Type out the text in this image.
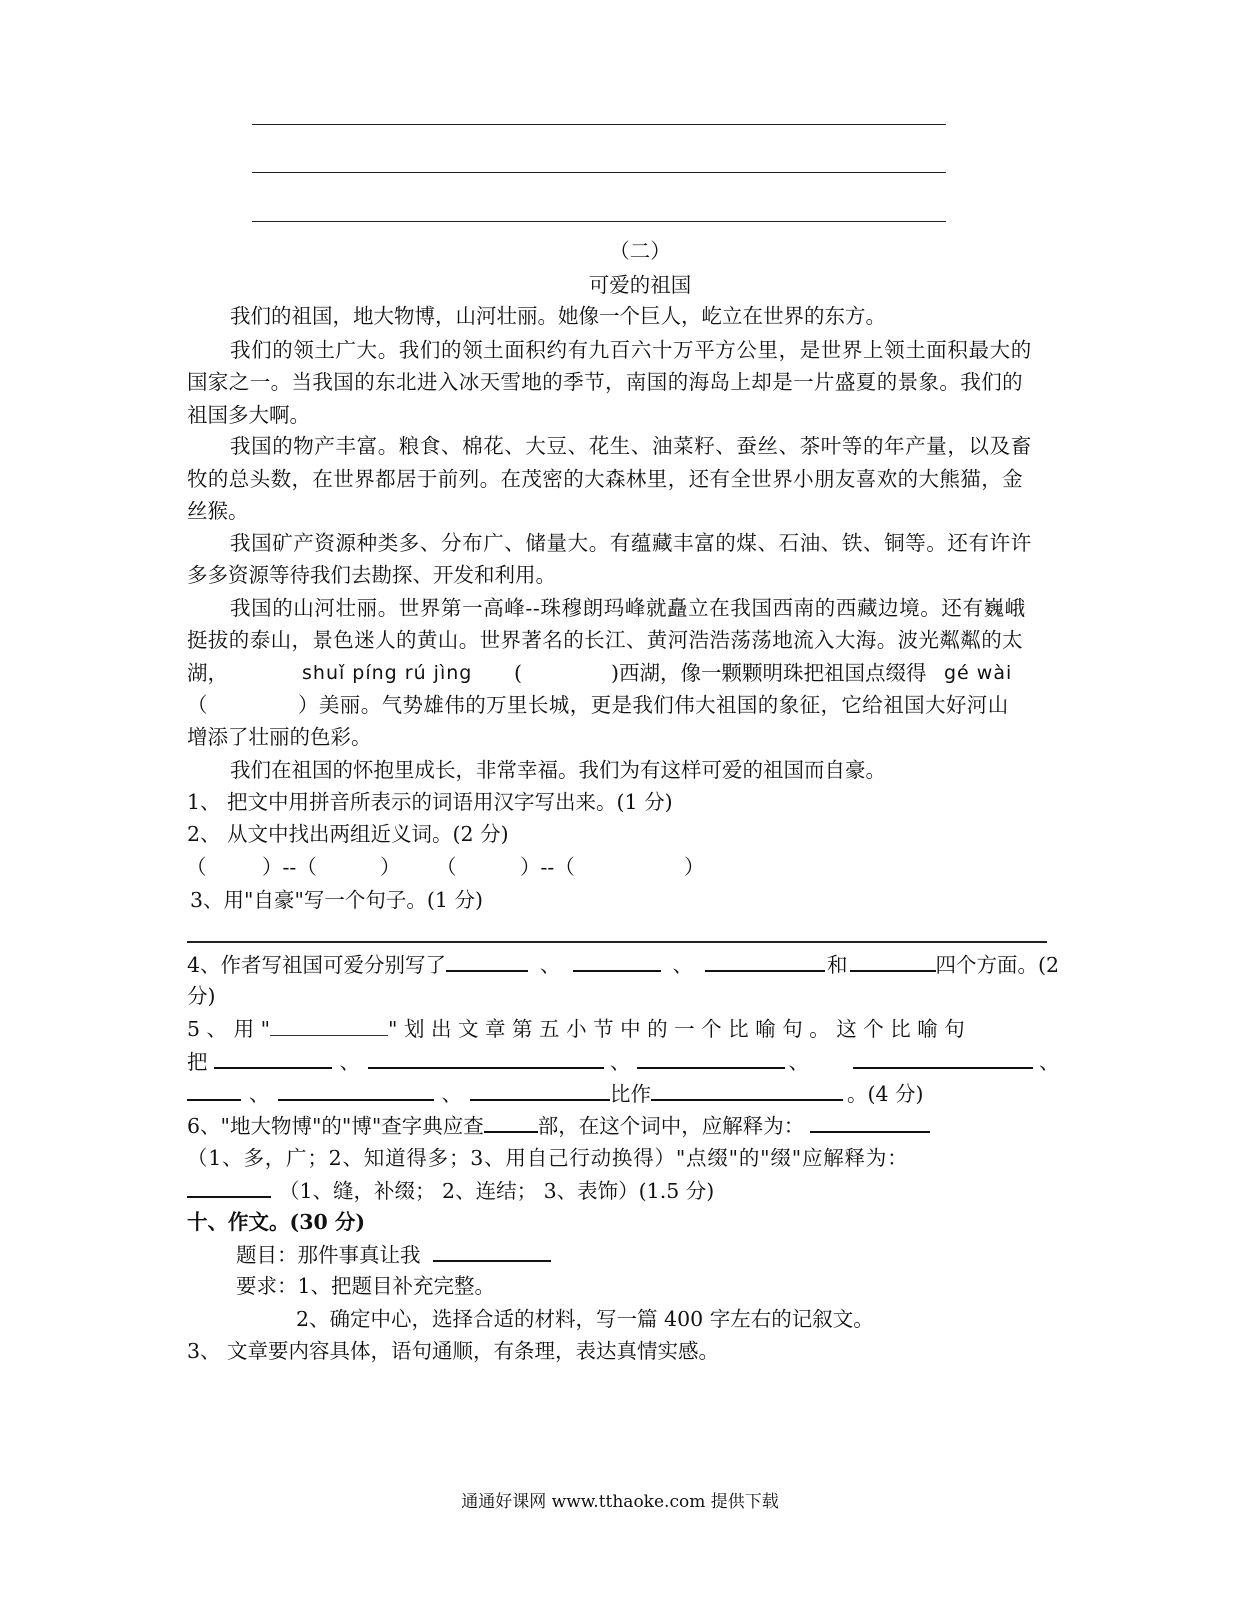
（二）
可爱的祖国
我们的祖国，地大物博，山河壮丽。她像一个巨人，屹立在世界的东方。
我们的领土广大。我们的领土面积约有九百六十万平方公里，是世界上领土面积最大的
国家之一。当我国的东北进入冰天雪地的季节，南国的海岛上却是一片盛夏的景象。我们的
祖国多大啊。
我国的物产丰富。粮食、棉花、大豆、花生、油菜籽、蚕丝、茶叶等的年产量，以及畜
牧的总头数，在世界都居于前列。在茂密的大森林里，还有全世界小朋友喜欢的大熊猫，金
丝猴。
我国矿产资源种类多、分布广、储量大。有蕴藏丰富的煤、石油、铁、铜等。还有许许
多多资源等待我们去勘探、开发和利用。
我国的山河壮丽。世界第一高峰--珠穆朗玛峰就矗立在我国西南的西藏边境。还有巍峨
挺拔的泰山，景色迷人的黄山。世界著名的长江、黄河浩浩荡荡地流入大海。波光粼粼的太
湖，	shuǐ píng rú jìng (	)西湖，像一颗颗明珠把祖国点缀得 gé wài
（	）美丽。气势雄伟的万里长城，更是我们伟大祖国的象征，它给祖国大好河山
增添了壮丽的色彩。
我们在祖国的怀抱里成长，非常幸福。我们为有这样可爱的祖国而自豪。
1、 把文中用拼音所表示的词语用汉字写出来。(1 分)
2、 从文中找出两组近义词。(2 分)
（	）--（	） （	）--（	）
3、用"自豪"写一个句子。(1 分)
4、作者写祖国可爱分别写了	、	、	和	四个方面。(2
分)
5 、 用 "	" 划 出 文 章 第 五 小 节 中 的 一 个 比 喻 句 。 这 个 比 喻 句
把	、	、	、	、
、	、	比作	。(4 分)
6、"地大物博"的"博"查字典应查	部，在这个词中，应解释为：
（1、多，广；2、知道得多；3、用自己行动换得）"点缀"的"缀"应解释为：
（1、缝，补缀； 2、连结； 3、表饰）(1.5 分)
十、作文。(30 分)
题目：那件事真让我
要求：1、把题目补充完整。
2、确定中心，选择合适的材料，写一篇 400 字左右的记叙文。
3、 文章要内容具体，语句通顺，有条理，表达真情实感。
通通好课网 www.tthaoke.com 提供下载
